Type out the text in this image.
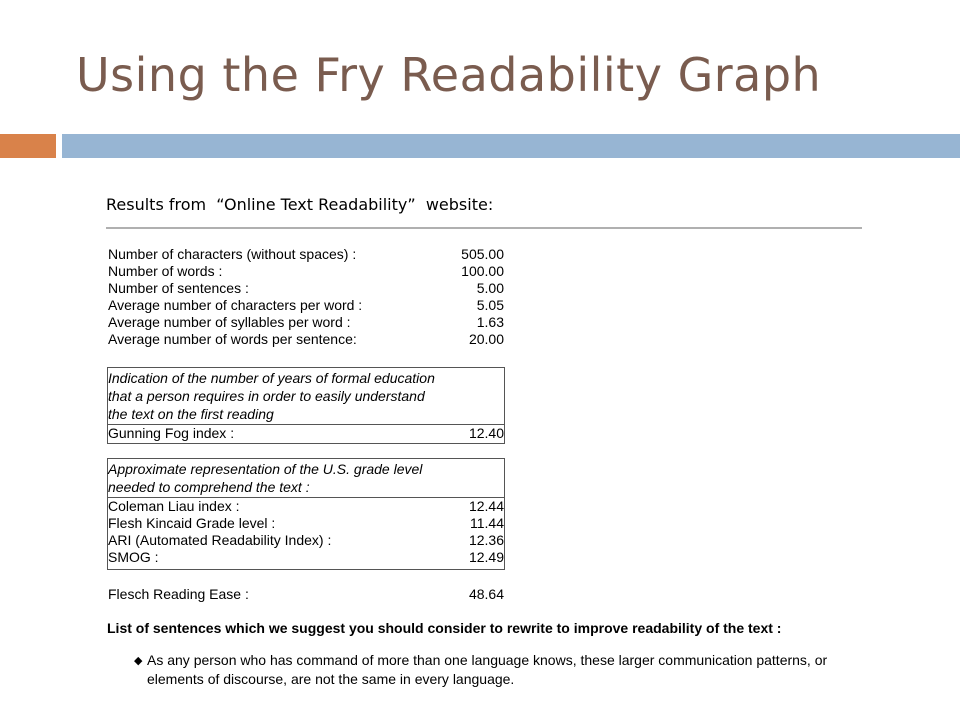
Using the Fry Readability Graph
Results from  “Online Text Readability”  website:
Number of characters (without spaces) :	505.00
Number of words :	100.00
Number of sentences :	5.00
Average number of characters per word :	5.05
Average number of syllables per word :	1.63
Average number of words per sentence:	20.00
Indication of the number of years of formal education
that a person requires in order to easily understand
the text on the first reading
Gunning Fog index :	12.40
Approximate representation of the U.S. grade level
needed to comprehend the text :
Coleman Liau index :	12.44
Flesh Kincaid Grade level :	11.44
ARI (Automated Readability Index) :	12.36
SMOG :	12.49
Flesch Reading Ease :	48.64
List of sentences which we suggest you should consider to rewrite to improve readability of the text :
◆ As any person who has command of more than one language knows, these larger communication patterns, or elements of discourse, are not the same in every language.
